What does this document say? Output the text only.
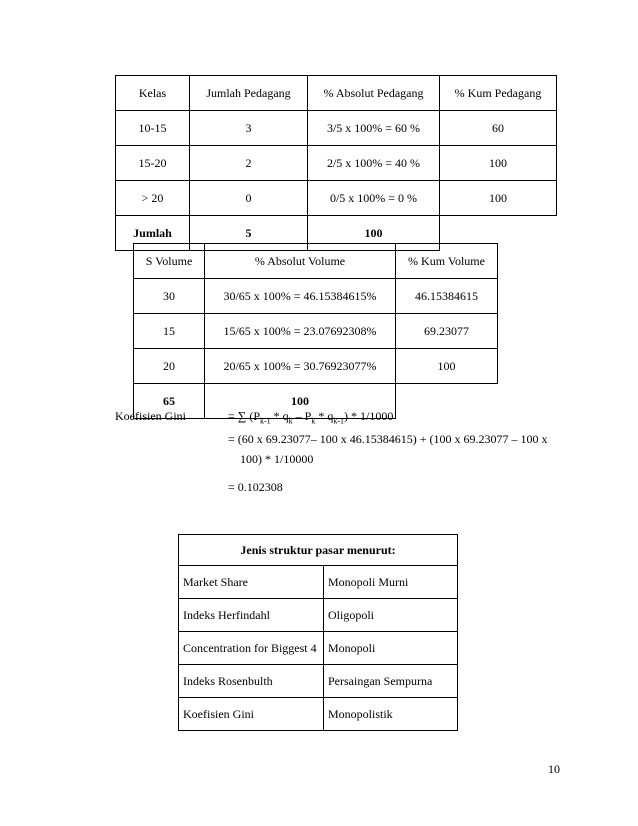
Kelas	Jumlah Pedagang	% Absolut Pedagang	% Kum Pedagang
10-15	3	3/5 x 100% = 60 %	60
15-20	2	2/5 x 100% = 40 %	100
> 20	0	0/5 x 100% = 0 %	100
Jumlah	5	100	
S Volume	% Absolut Volume	% Kum Volume
30	30/65 x 100% = 46.15384615%	46.15384615
15	15/65 x 100% = 23.07692308%	69.23077
20	20/65 x 100% = 30.76923077%	100
65	100	
Koefisien Gini	= ∑ $(P_{k-1} * q_k - P_k * q_{k-1}) * 1/1000$
= (60 x 69.23077– 100 x 46.15384615) + (100 x 69.23077 – 100 x
100) * 1/10000
= 0.102308
Jenis struktur pasar menurut:	
Market Share	Monopoli Murni
Indeks Herfindahl	Oligopoli
Concentration for Biggest 4	Monopoli
Indeks Rosenbulth	Persaingan Sempurna
Koefisien Gini	Monopolistik
10
